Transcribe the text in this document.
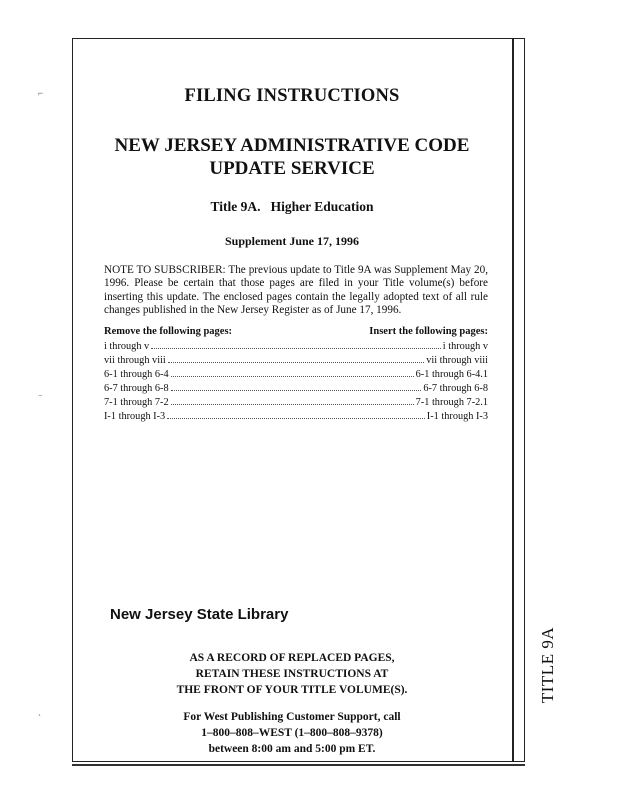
FILING INSTRUCTIONS
NEW JERSEY ADMINISTRATIVE CODE
UPDATE SERVICE
Title 9A.   Higher Education
Supplement June 17, 1996
NOTE TO SUBSCRIBER: The previous update to Title 9A was Supplement May 20, 1996. Please be certain that those pages are filed in your Title volume(s) before inserting this update. The enclosed pages contain the legally adopted text of all rule changes published in the New Jersey Register as of June 17, 1996.
Remove the following pages:	Insert the following pages:
i through v	i through v
vii through viii	vii through viii
6-1 through 6-4	6-1 through 6-4.1
6-7 through 6-8	6-7 through 6-8
7-1 through 7-2	7-1 through 7-2.1
I-1 through I-3	I-1 through I-3
New Jersey State Library
AS A RECORD OF REPLACED PAGES,
RETAIN THESE INSTRUCTIONS AT
THE FRONT OF YOUR TITLE VOLUME(S).
For West Publishing Customer Support, call
1–800–808–WEST (1–800–808–9378)
between 8:00 am and 5:00 pm ET.
TITLE 9A
⌐
⁻
ˎ
